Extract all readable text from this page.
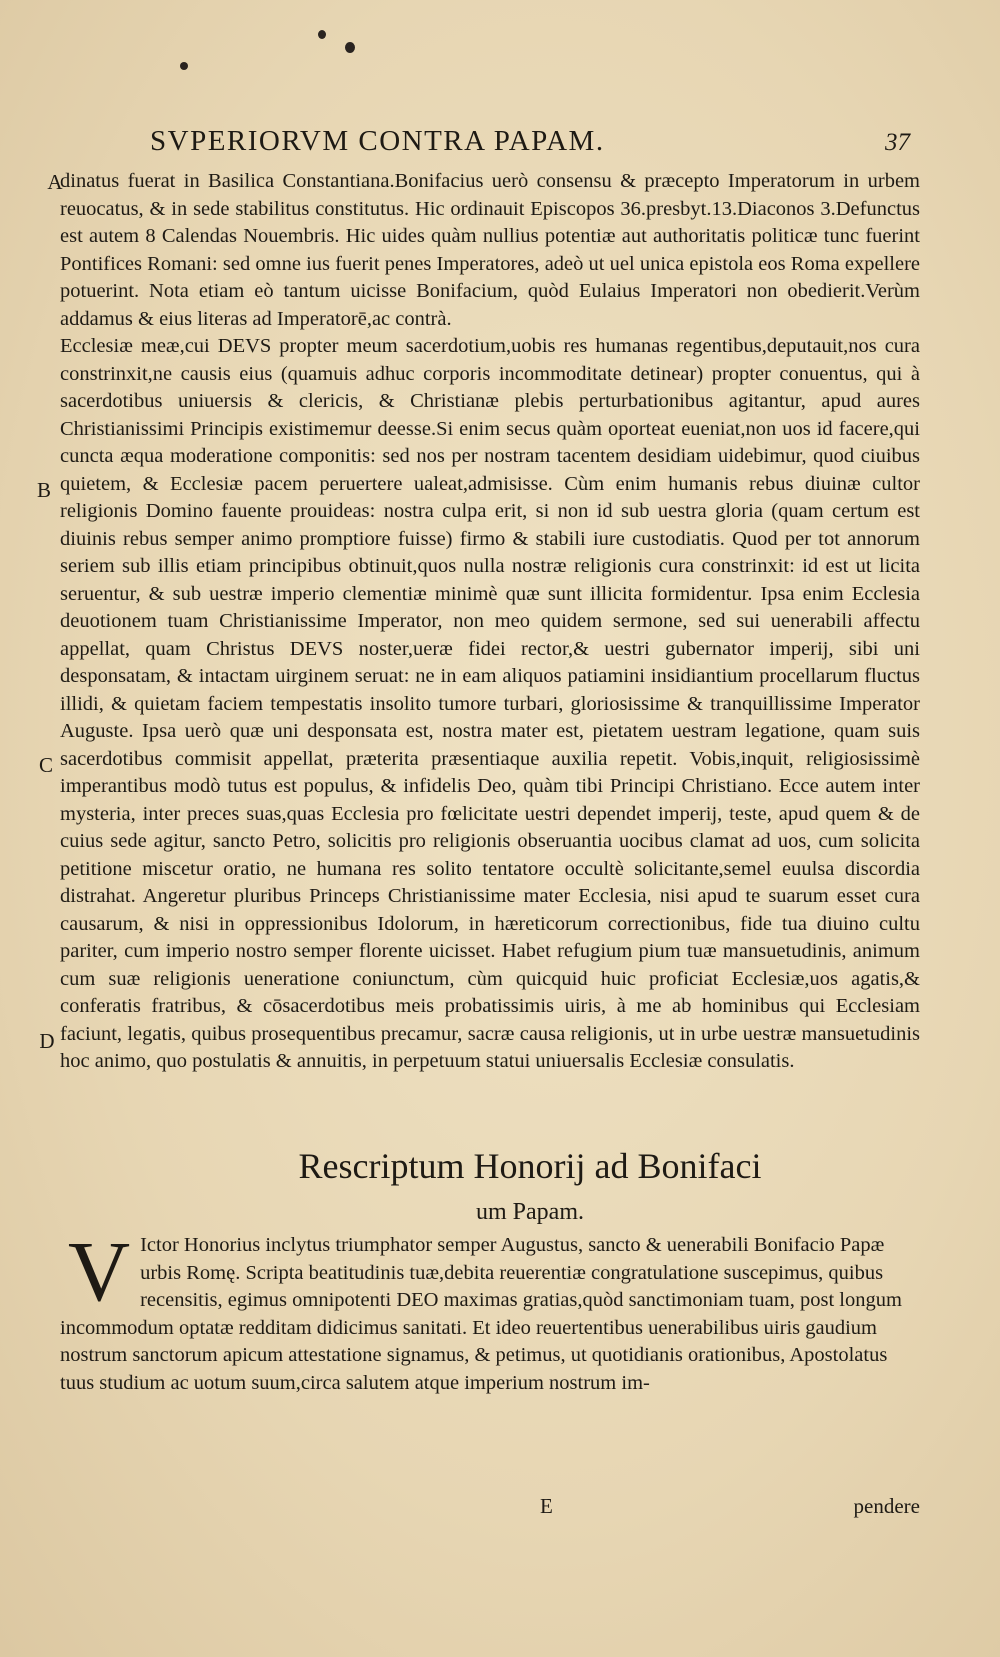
SVPERIORVM CONTRA PAPAM.	37
A
B
C
D

dinatus fuerat in Basilica Constantiana.Bonifacius uerò consensu & præcepto Imperatorum in urbem reuocatus, & in sede stabilitus constitutus. Hic ordinauit Episcopos 36.presbyt.13.Diaconos 3.Defunctus est autem 8 Calendas Nouembris. Hic uides quàm nullius potentiæ aut authoritatis politicæ tunc fuerint Pontifices Romani: sed omne ius fuerit penes Imperatores, adeò ut uel unica epistola eos Roma expellere potuerint. Nota etiam eò tantum uicisse Bonifacium, quòd Eulaius Imperatori non obedierit.Verùm addamus & eius literas ad Imperatorē,ac contrà.

Ecclesiæ meæ,cui DEVS propter meum sacerdotium,uobis res humanas regentibus,deputauit,nos cura constrinxit,ne causis eius (quamuis adhuc corporis incommoditate detinear) propter conuentus, qui à sacerdotibus uniuersis & clericis, & Christianæ plebis perturbationibus agitantur, apud aures Christianissimi Principis existimemur deesse.Si enim secus quàm oporteat eueniat,non uos id facere,qui cuncta æqua moderatione componitis: sed nos per nostram tacentem desidiam uidebimur, quod ciuibus quietem, & Ecclesiæ pacem peruertere ualeat,admisisse. Cùm enim humanis rebus diuinæ cultor religionis Domino fauente prouideas: nostra culpa erit, si non id sub uestra gloria (quam certum est diuinis rebus semper animo promptiore fuisse) firmo & stabili iure custodiatis. Quod per tot annorum seriem sub illis etiam principibus obtinuit,quos nulla nostræ religionis cura constrinxit: id est ut licita seruentur, & sub uestræ imperio clementiæ minimè quæ sunt illicita formidentur. Ipsa enim Ecclesia deuotionem tuam Christianissime Imperator, non meo quidem sermone, sed sui uenerabili affectu appellat, quam Christus DEVS noster,ueræ fidei rector,& uestri gubernator imperij, sibi uni desponsatam, & intactam uirginem seruat: ne in eam aliquos patiamini insidiantium procellarum fluctus illidi, & quietam faciem tempestatis insolito tumore turbari, gloriosissime & tranquillissime Imperator Auguste. Ipsa uerò quæ uni desponsata est, nostra mater est, pietatem uestram legatione, quam suis sacerdotibus commisit appellat, præterita præsentiaque auxilia repetit. Vobis,inquit, religiosissimè imperantibus modò tutus est populus, & infidelis Deo, quàm tibi Principi Christiano. Ecce autem inter mysteria, inter preces suas,quas Ecclesia pro fœlicitate uestri dependet imperij, teste, apud quem & de cuius sede agitur, sancto Petro, solicitis pro religionis obseruantia uocibus clamat ad uos, cum solicita petitione miscetur oratio, ne humana res solito tentatore occultè solicitante,semel euulsa discordia distrahat. Angeretur pluribus Princeps Christianissime mater Ecclesia, nisi apud te suarum esset cura causarum, & nisi in oppressionibus Idolorum, in hæreticorum correctionibus, fide tua diuino cultu pariter, cum imperio nostro semper florente uicisset. Habet refugium pium tuæ mansuetudinis, animum cum suæ religionis ueneratione coniunctum, cùm quicquid huic proficiat Ecclesiæ,uos agatis,& conferatis fratribus, & cōsacerdotibus meis probatissimis uiris, à me ab hominibus qui Ecclesiam faciunt, legatis, quibus prosequentibus precamur, sacræ causa religionis, ut in urbe uestræ mansuetudinis hoc animo, quo postulatis & annuitis, in perpetuum statui uniuersalis Ecclesiæ consulatis.

Rescriptum Honorij ad Bonifaci
um Papam.
V Ictor Honorius inclytus triumphator semper Augustus, sancto & uenerabili Bonifacio Papæ urbis Romę. Scripta beatitudinis tuæ,debita reuerentiæ congratulatione suscepimus, quibus recensitis, egimus omnipotenti DEO maximas gratias,quòd sanctimoniam tuam, post longum incommodum optatæ redditam didicimus sanitati. Et ideo reuertentibus uenerabilibus uiris gaudium nostrum sanctorum apicum attestatione signamus, & petimus, ut quotidianis orationibus, Apostolatus tuus studium ac uotum suum,circa salutem atque imperium nostrum im-
E	pendere
